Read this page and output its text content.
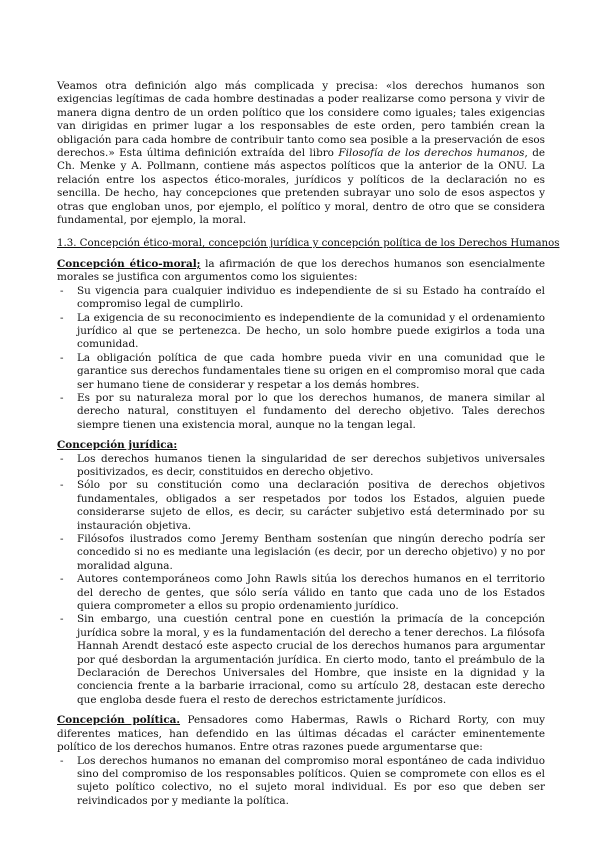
Veamos otra definición algo más complicada y precisa: «los derechos humanos son exigencias legítimas de cada hombre destinadas a poder realizarse como persona y vivir de manera digna dentro de un orden político que los considere como iguales; tales exigencias van dirigidas en primer lugar a los responsables de este orden, pero también crean la obligación para cada hombre de contribuir tanto como sea posible a la preservación de esos derechos.» Esta última definición extraída del libro Filosofía de los derechos humanos, de Ch. Menke y A. Pollmann, contiene más aspectos políticos que la anterior de la ONU. La relación entre los aspectos ético-morales, jurídicos y políticos de la declaración no es sencilla. De hecho, hay concepciones que pretenden subrayar uno solo de esos aspectos y otras que engloban unos, por ejemplo, el político y moral, dentro de otro que se considera fundamental, por ejemplo, la moral.

1.3. Concepción ético-moral, concepción jurídica y concepción política de los Derechos Humanos

Concepción ético-moral; la afirmación de que los derechos humanos son esencialmente morales se justifica con argumentos como los siguientes:

- Su vigencia para cualquier individuo es independiente de si su Estado ha contraído el compromiso legal de cumplirlo.
- La exigencia de su reconocimiento es independiente de la comunidad y el ordenamiento jurídico al que se pertenezca. De hecho, un solo hombre puede exigirlos a toda una comunidad.
- La obligación política de que cada hombre pueda vivir en una comunidad que le garantice sus derechos fundamentales tiene su origen en el compromiso moral que cada ser humano tiene de considerar y respetar a los demás hombres.
- Es por su naturaleza moral por lo que los derechos humanos, de manera similar al derecho natural, constituyen el fundamento del derecho objetivo. Tales derechos siempre tienen una existencia moral, aunque no la tengan legal.

Concepción jurídica:

- Los derechos humanos tienen la singularidad de ser derechos subjetivos universales positivizados, es decir, constituidos en derecho objetivo.
- Sólo por su constitución como una declaración positiva de derechos objetivos fundamentales, obligados a ser respetados por todos los Estados, alguien puede considerarse sujeto de ellos, es decir, su carácter subjetivo está determinado por su instauración objetiva.
- Filósofos ilustrados como Jeremy Bentham sostenían que ningún derecho podría ser concedido si no es mediante una legislación (es decir, por un derecho objetivo) y no por moralidad alguna.
- Autores contemporáneos como John Rawls sitúa los derechos humanos en el territorio del derecho de gentes, que sólo sería válido en tanto que cada uno de los Estados quiera comprometer a ellos su propio ordenamiento jurídico.
- Sin embargo, una cuestión central pone en cuestión la primacía de la concepción jurídica sobre la moral, y es la fundamentación del derecho a tener derechos. La filósofa Hannah Arendt destacó este aspecto crucial de los derechos humanos para argumentar por qué desbordan la argumentación jurídica. En cierto modo, tanto el preámbulo de la Declaración de Derechos Universales del Hombre, que insiste en la dignidad y la conciencia frente a la barbarie irracional, como su artículo 28, destacan este derecho que engloba desde fuera el resto de derechos estrictamente jurídicos.

Concepción política. Pensadores como Habermas, Rawls o Richard Rorty, con muy diferentes matices, han defendido en las últimas décadas el carácter eminentemente político de los derechos humanos. Entre otras razones puede argumentarse que:

- Los derechos humanos no emanan del compromiso moral espontáneo de cada individuo sino del compromiso de los responsables políticos. Quien se compromete con ellos es el sujeto político colectivo, no el sujeto moral individual. Es por eso que deben ser reivindicados por y mediante la política.
